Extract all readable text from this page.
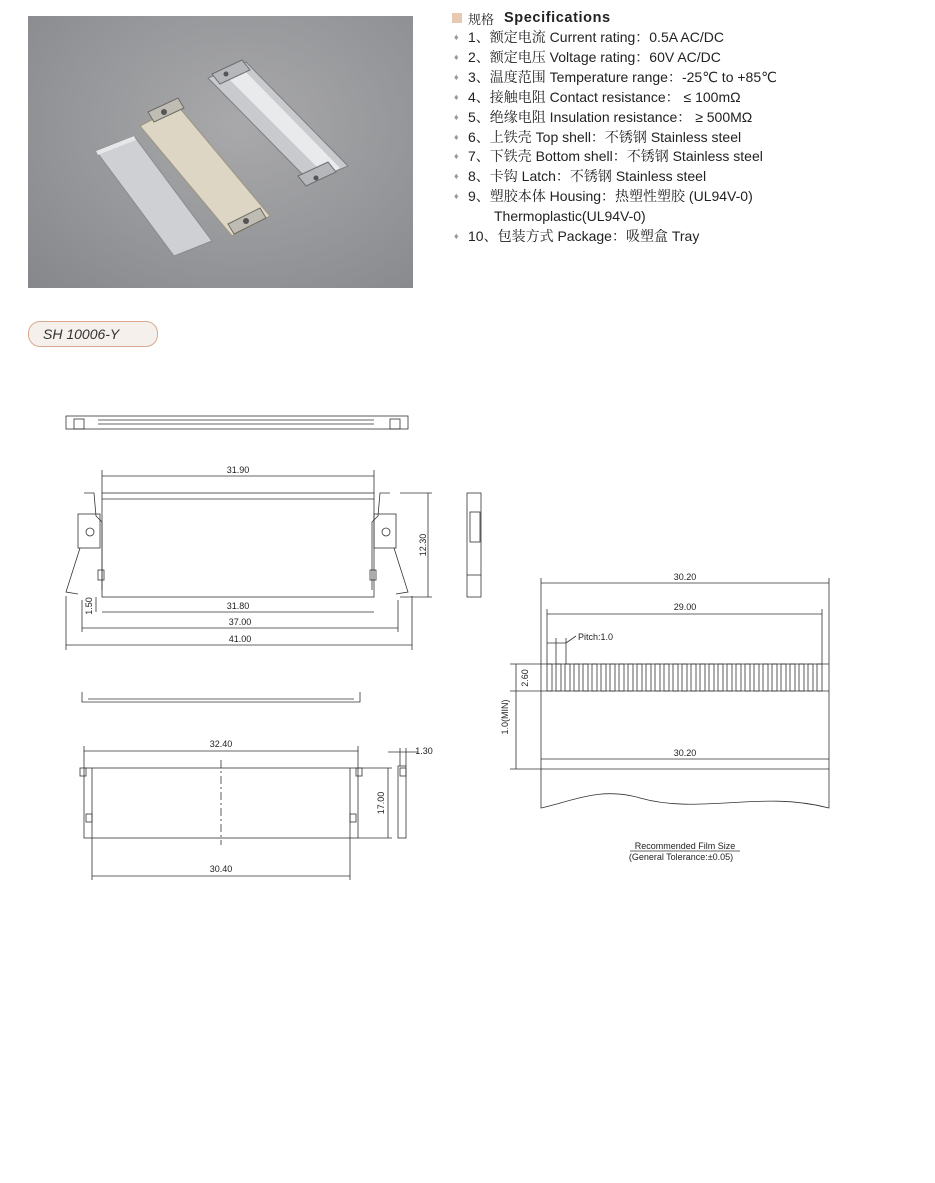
规格 Specifications
♦ 1、额定电流 Current rating：0.5A AC/DC
♦ 2、额定电压 Voltage rating：60V AC/DC
♦ 3、温度范围 Temperature range：-25℃ to +85℃
♦ 4、接触电阻 Contact resistance： ≤ 100mΩ
♦ 5、绝缘电阻 Insulation resistance： ≥ 500MΩ
♦ 6、上铁壳 Top shell：不锈钢 Stainless steel
♦ 7、下铁壳 Bottom shell：不锈钢 Stainless steel
♦ 8、卡钩 Latch：不锈钢 Stainless steel
♦ 9、塑胶本体 Housing：热塑性塑胶 (UL94V-0)
Thermoplastic(UL94V-0)
♦ 10、包装方式 Package：吸塑盒 Tray
SH 10006-Y
31.90
12.30
1.50	31.80
37.00
41.00
32.40
1.30
17.00
30.40
30.20
29.00
Pitch:1.0
2.60
1.0(MIN)
30.20
Recommended Film Size
(General Tolerance:±0.05)
